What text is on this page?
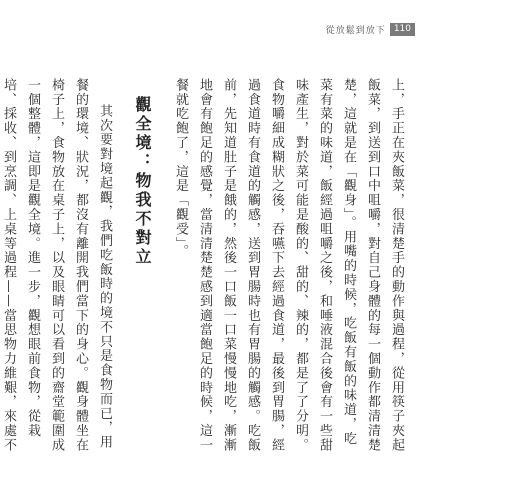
從放鬆到放下 110

上，手正在夾飯菜，很清楚手的動作與過程，從用筷子夾起飯菜，到送到口中咀嚼，對自己身體的每一個動作都清清楚楚，這就是在「觀身」。用嘴的時候，吃飯有飯的味道，吃菜有菜的味道，飯經過咀嚼之後，和唾液混合後會有一些甜味產生，對於菜可能是酸的、甜的、辣的，都是了了分明。食物嚼細成糊狀之後，吞嚥下去經過食道，最後到胃腸，經過食道時有食道的觸感，送到胃腸時也有胃腸的觸感。吃飯前，先知道肚子是餓的，然後一口飯一口菜慢慢地吃，漸漸地會有飽足的感覺，當清清楚楚感到適當飽足的時候，這一餐就吃飽了，這是「觀受」。

觀全境：物我不對立

其次要對境起觀，我們吃飯時的境不只是食物而已，用餐的環境、狀況，都沒有離開我們當下的身心。觀身體坐在椅子上，食物放在桌子上，以及眼睛可以看到的齋堂範圍成一個整體，這即是觀全境。進一步，觀想眼前食物，從栽培、採收、到烹調、上桌等過程——當思物力維艱，來處不
